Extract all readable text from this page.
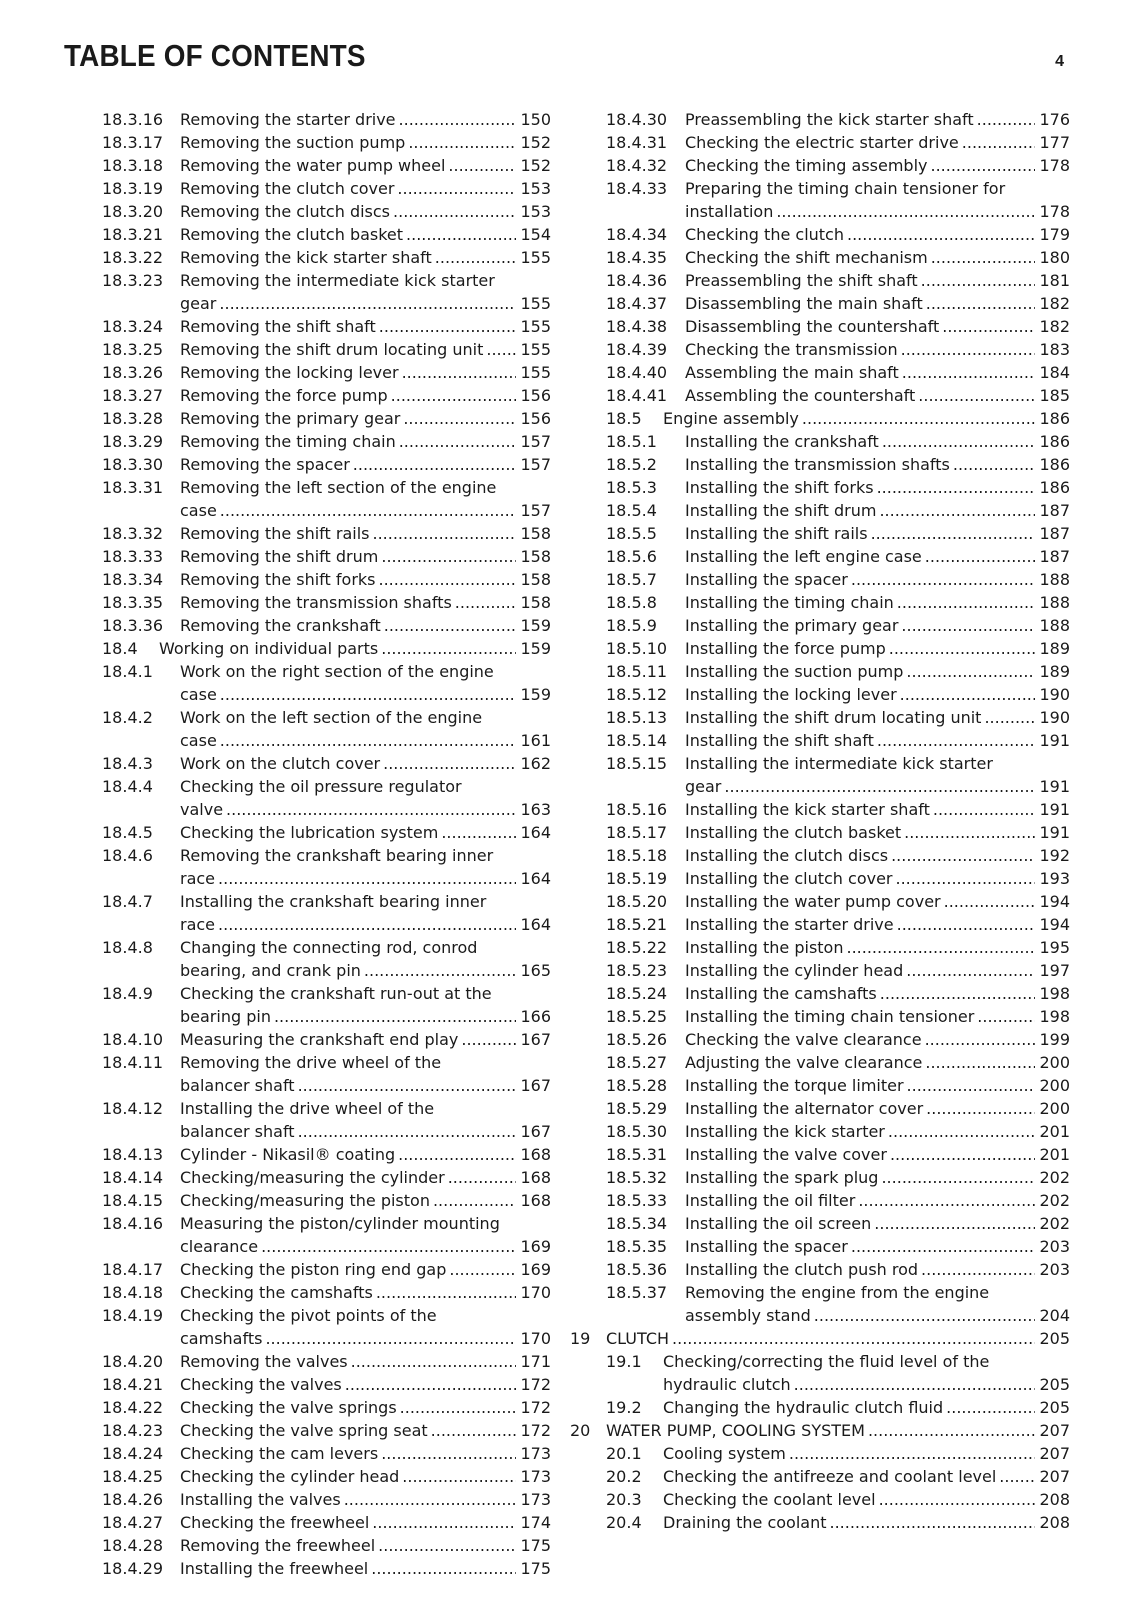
TABLE OF CONTENTS	4
18.3.16 Removing the starter drive .....	150
18.3.17 Removing the suction pump .....	152
18.3.18 Removing the water pump wheel .....	152
18.3.19 Removing the clutch cover .....	153
18.3.20 Removing the clutch discs .....	153
18.3.21 Removing the clutch basket .....	154
18.3.22 Removing the kick starter shaft .....	155
18.3.23 Removing the intermediate kick starter gear .....	155
18.3.24 Removing the shift shaft .....	155
18.3.25 Removing the shift drum locating unit .....	155
18.3.26 Removing the locking lever .....	155
18.3.27 Removing the force pump .....	156
18.3.28 Removing the primary gear .....	156
18.3.29 Removing the timing chain .....	157
18.3.30 Removing the spacer .....	157
18.3.31 Removing the left section of the engine case .....	157
18.3.32 Removing the shift rails .....	158
18.3.33 Removing the shift drum .....	158
18.3.34 Removing the shift forks .....	158
18.3.35 Removing the transmission shafts .....	158
18.3.36 Removing the crankshaft .....	159
18.4 Working on individual parts .....	159
18.4.1 Work on the right section of the engine case .....	159
18.4.2 Work on the left section of the engine case .....	161
18.4.3 Work on the clutch cover .....	162
18.4.4 Checking the oil pressure regulator valve .....	163
18.4.5 Checking the lubrication system .....	164
18.4.6 Removing the crankshaft bearing inner race .....	164
18.4.7 Installing the crankshaft bearing inner race .....	164
18.4.8 Changing the connecting rod, conrod bearing, and crank pin .....	165
18.4.9 Checking the crankshaft run-out at the bearing pin .....	166
18.4.10 Measuring the crankshaft end play .....	167
18.4.11 Removing the drive wheel of the balancer shaft .....	167
18.4.12 Installing the drive wheel of the balancer shaft .....	167
18.4.13 Cylinder - Nikasil® coating .....	168
18.4.14 Checking/measuring the cylinder .....	168
18.4.15 Checking/measuring the piston .....	168
18.4.16 Measuring the piston/cylinder mounting clearance .....	169
18.4.17 Checking the piston ring end gap .....	169
18.4.18 Checking the camshafts .....	170
18.4.19 Checking the pivot points of the camshafts .....	170
18.4.20 Removing the valves .....	171
18.4.21 Checking the valves .....	172
18.4.22 Checking the valve springs .....	172
18.4.23 Checking the valve spring seat .....	172
18.4.24 Checking the cam levers .....	173
18.4.25 Checking the cylinder head .....	173
18.4.26 Installing the valves .....	173
18.4.27 Checking the freewheel .....	174
18.4.28 Removing the freewheel .....	175
18.4.29 Installing the freewheel .....	175
18.4.30 Preassembling the kick starter shaft .....	176
18.4.31 Checking the electric starter drive .....	177
18.4.32 Checking the timing assembly .....	178
18.4.33 Preparing the timing chain tensioner for installation .....	178
18.4.34 Checking the clutch .....	179
18.4.35 Checking the shift mechanism .....	180
18.4.36 Preassembling the shift shaft .....	181
18.4.37 Disassembling the main shaft .....	182
18.4.38 Disassembling the countershaft .....	182
18.4.39 Checking the transmission .....	183
18.4.40 Assembling the main shaft .....	184
18.4.41 Assembling the countershaft .....	185
18.5 Engine assembly .....	186
18.5.1 Installing the crankshaft .....	186
18.5.2 Installing the transmission shafts .....	186
18.5.3 Installing the shift forks .....	186
18.5.4 Installing the shift drum .....	187
18.5.5 Installing the shift rails .....	187
18.5.6 Installing the left engine case .....	187
18.5.7 Installing the spacer .....	188
18.5.8 Installing the timing chain .....	188
18.5.9 Installing the primary gear .....	188
18.5.10 Installing the force pump .....	189
18.5.11 Installing the suction pump .....	189
18.5.12 Installing the locking lever .....	190
18.5.13 Installing the shift drum locating unit .....	190
18.5.14 Installing the shift shaft .....	191
18.5.15 Installing the intermediate kick starter gear .....	191
18.5.16 Installing the kick starter shaft .....	191
18.5.17 Installing the clutch basket .....	191
18.5.18 Installing the clutch discs .....	192
18.5.19 Installing the clutch cover .....	193
18.5.20 Installing the water pump cover .....	194
18.5.21 Installing the starter drive .....	194
18.5.22 Installing the piston .....	195
18.5.23 Installing the cylinder head .....	197
18.5.24 Installing the camshafts .....	198
18.5.25 Installing the timing chain tensioner .....	198
18.5.26 Checking the valve clearance .....	199
18.5.27 Adjusting the valve clearance .....	200
18.5.28 Installing the torque limiter .....	200
18.5.29 Installing the alternator cover .....	200
18.5.30 Installing the kick starter .....	201
18.5.31 Installing the valve cover .....	201
18.5.32 Installing the spark plug .....	202
18.5.33 Installing the oil filter .....	202
18.5.34 Installing the oil screen .....	202
18.5.35 Installing the spacer .....	203
18.5.36 Installing the clutch push rod .....	203
18.5.37 Removing the engine from the engine assembly stand .....	204
19 CLUTCH .....	205
19.1 Checking/correcting the fluid level of the hydraulic clutch .....	205
19.2 Changing the hydraulic clutch fluid .....	205
20 WATER PUMP, COOLING SYSTEM .....	207
20.1 Cooling system .....	207
20.2 Checking the antifreeze and coolant level .....	207
20.3 Checking the coolant level .....	208
20.4 Draining the coolant .....	208
